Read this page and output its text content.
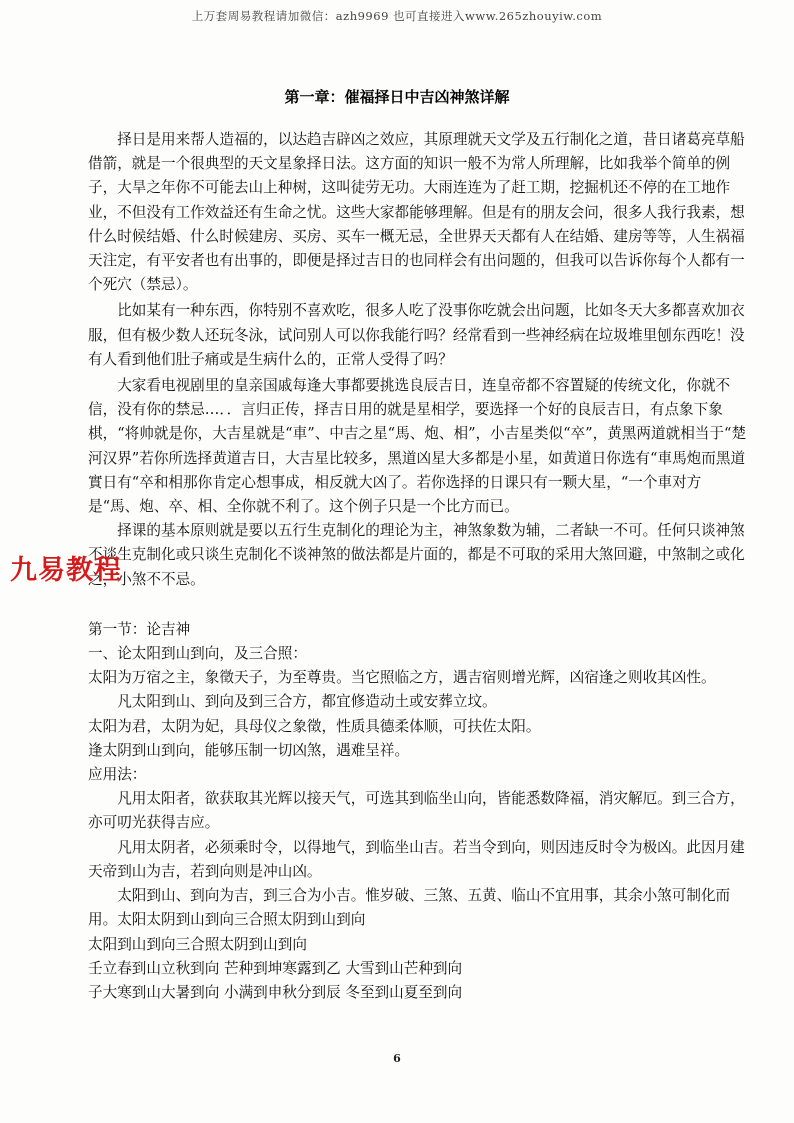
上万套周易教程请加微信：azh9969 也可直接进入www.265zhouyiw.com
第一章：催福择日中吉凶神煞详解

择日是用来帮人造福的，以达趋吉辟凶之效应，其原理就天文学及五行制化之道，昔日诸葛亮草船借箭，就是一个很典型的天文星象择日法。这方面的知识一般不为常人所理解，比如我举个简单的例子，大旱之年你不可能去山上种树，这叫徒劳无功。大雨连连为了赶工期，挖掘机还不停的在工地作业，不但没有工作效益还有生命之忧。这些大家都能够理解。但是有的朋友会问，很多人我行我素，想什么时候结婚、什么时候建房、买房、买车一概无忌，全世界天天都有人在结婚、建房等等，人生祸福天注定，有平安者也有出事的，即便是择过吉日的也同样会有出问题的，但我可以告诉你每个人都有一个死穴（禁忌）。

比如某有一种东西，你特别不喜欢吃，很多人吃了没事你吃就会出问题，比如冬天大多都喜欢加衣服，但有极少数人还玩冬泳，试问别人可以你我能行吗？经常看到一些神经病在垃圾堆里刨东西吃！没有人看到他们肚子痛或是生病什么的，正常人受得了吗？

大家看电视剧里的皇亲国戚每逢大事都要挑选良辰吉日，连皇帝都不容置疑的传统文化，你就不信，没有你的禁忌…．．言归正传，择吉日用的就是星相学，要选择一个好的良辰吉日，有点象下象棋，“将帅就是你，大吉星就是“車”、中吉之星“馬、炮、相”，小吉星类似“卒”，黄黑两道就相当于“楚河汉界”若你所选择黄道吉日，大吉星比较多，黑道凶星大多都是小星，如黄道日你选有“車馬炮而黑道實日有“卒和相那你肯定心想事成，相反就大凶了。若你选择的日课只有一颗大星，“一个車对方是“馬、炮、卒、相、全你就不利了。这个例子只是一个比方而已。

择课的基本原则就是要以五行生克制化的理论为主，神煞象数为辅，二者缺一不可。任何只谈神煞不谈生克制化或只谈生克制化不谈神煞的做法都是片面的，都是不可取的采用大煞回避，中煞制之或化之，小煞不不忌。

第一节：论吉神

一、论太阳到山到向，及三合照：

太阳为万宿之主，象徵天子，为至尊贵。当它照临之方，遇吉宿则增光辉，凶宿逢之则收其凶性。

凡太阳到山、到向及到三合方，都宜修造动土或安葬立坟。

太阳为君，太阴为妃，具母仪之象徵，性质具德柔体顺，可扶佐太阳。

逢太阴到山到向，能够压制一切凶煞，遇难呈祥。

应用法：

凡用太阳者，欲获取其光辉以接天气，可选其到临坐山向，皆能悉数降福，消灾解厄。到三合方，亦可叨光获得吉应。

凡用太阴者，必须乘时令，以得地气，到临坐山吉。若当令到向，则因违反时令为极凶。此因月建天帝到山为吉，若到向则是冲山凶。

太阳到山、到向为吉，到三合为小吉。惟岁破、三煞、五黄、临山不宜用事，其余小煞可制化而用。太阳太阴到山到向三合照太阴到山到向

太阳到山到向三合照太阴到山到向

壬立春到山立秋到向 芒种到坤寒露到乙 大雪到山芒种到向

子大寒到山大暑到向 小满到申秋分到辰 冬至到山夏至到向

九易教程
6
